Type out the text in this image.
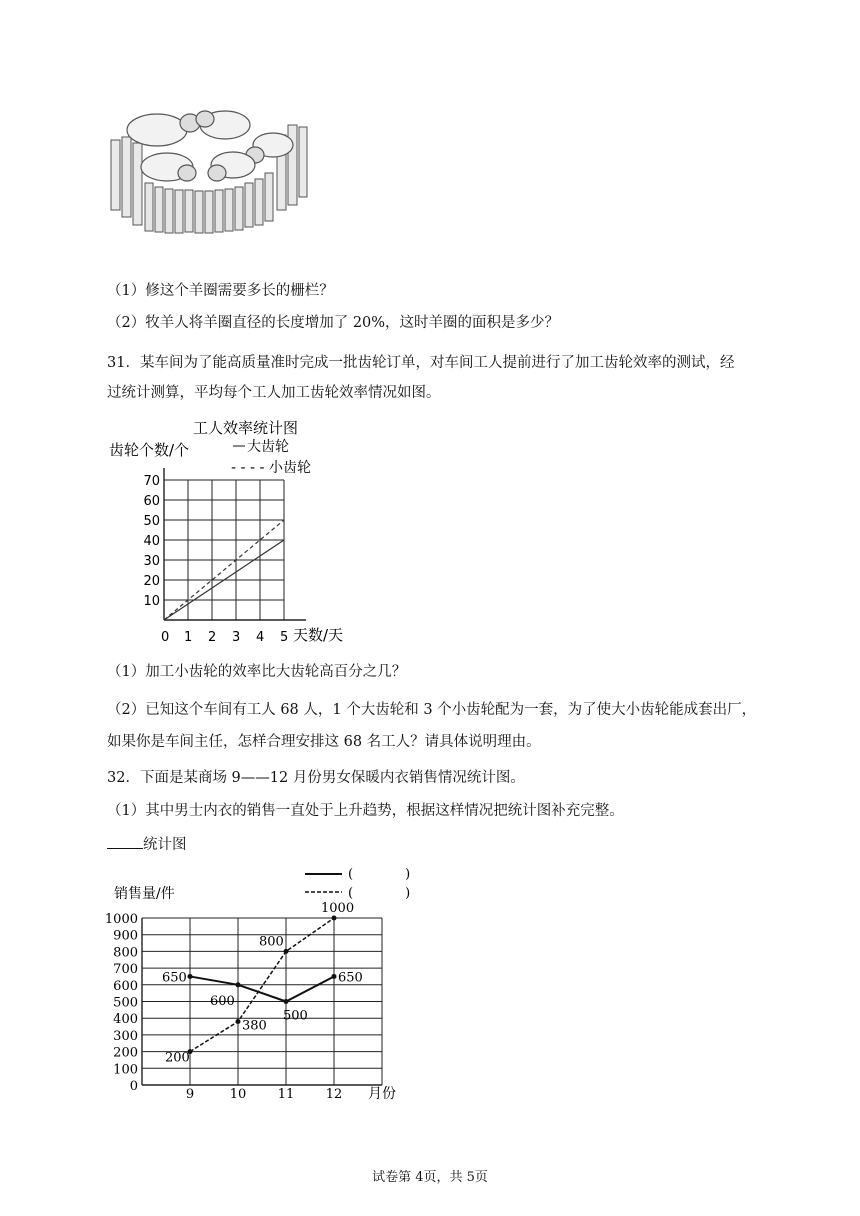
（1）修这个羊圈需要多长的栅栏？
（2）牧羊人将羊圈直径的长度增加了 20%，这时羊圈的面积是多少？
31．某车间为了能高质量准时完成一批齿轮订单，对车间工人提前进行了加工齿轮效率的测试，经
过统计测算，平均每个工人加工齿轮效率情况如图。
工人效率统计图
齿轮个数/个	大齿轮
- - - - 小齿轮
10
20
30
40
50
60
70
0 1 2 3 4 5 天数/天
（1）加工小齿轮的效率比大齿轮高百分之几？
（2）已知这个车间有工人 68 人，1 个大齿轮和 3 个小齿轮配为一套，为了使大小齿轮能成套出厂，
如果你是车间主任，怎样合理安排这 68 名工人？请具体说明理由。
32．下面是某商场 9——12 月份男女保暖内衣销售情况统计图。
（1）其中男士内衣的销售一直处于上升趋势，根据这样情况把统计图补充完整。
统计图
(　　　　)
(　　　　)
销售量/件
0
100
200
300
400
500
600
700
800
900
1000
9	10 11 12
650
600
500
650
200
380
800
1000
月份
试卷第 4页，共 5页
